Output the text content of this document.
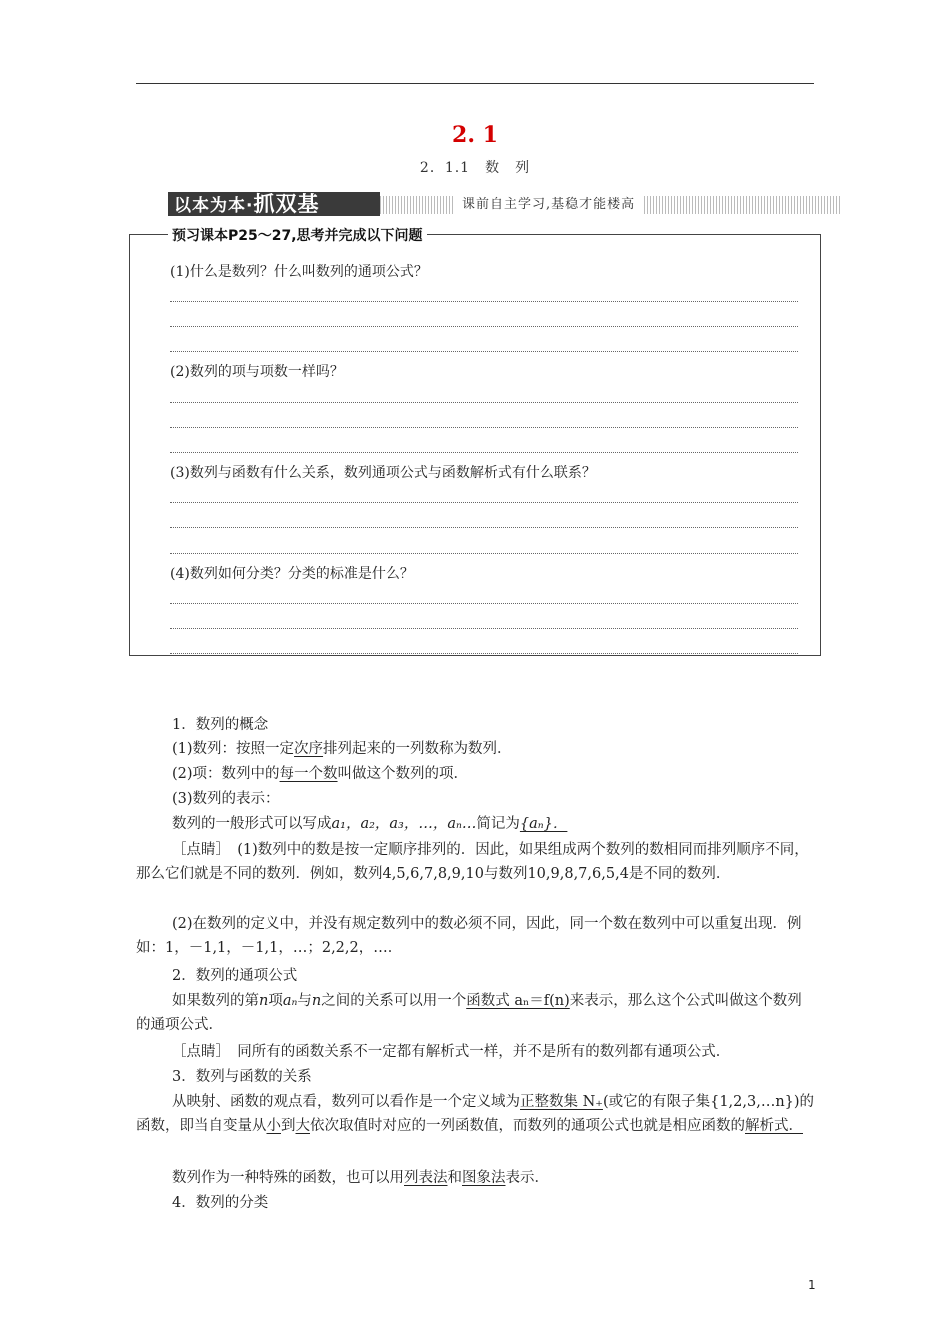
2. 1
2．1.1　数　列
以本为本·抓双基	课前自主学习,基稳才能楼高
预习课本P25～27,思考并完成以下问题
(1)什么是数列？什么叫数列的通项公式？
(2)数列的项与项数一样吗？
(3)数列与函数有什么关系，数列通项公式与函数解析式有什么联系？
(4)数列如何分类？分类的标准是什么？
1．数列的概念
(1)数列：按照一定次序排列起来的一列数称为数列．
(2)项：数列中的每一个数叫做这个数列的项．
(3)数列的表示：
数列的一般形式可以写成a₁，a₂，a₃，…，aₙ…简记为{aₙ}．
［点睛］　(1)数列中的数是按一定顺序排列的．因此，如果组成两个数列的数相同而排列顺序不同，那么它们就是不同的数列．例如，数列4,5,6,7,8,9,10与数列10,9,8,7,6,5,4是不同的数列．
(2)在数列的定义中，并没有规定数列中的数必须不同，因此，同一个数在数列中可以重复出现．例如：1，－1,1，－1,1，…；2,2,2，…．
2．数列的通项公式
如果数列的第n项aₙ与n之间的关系可以用一个函数式 aₙ＝f(n)来表示，那么这个公式叫做这个数列的通项公式．
［点睛］　同所有的函数关系不一定都有解析式一样，并不是所有的数列都有通项公式．
3．数列与函数的关系
从映射、函数的观点看，数列可以看作是一个定义域为正整数集 N₊(或它的有限子集{1,2,3,…n})的函数，即当自变量从小到大依次取值时对应的一列函数值，而数列的通项公式也就是相应函数的解析式．
数列作为一种特殊的函数，也可以用列表法和图象法表示．
4．数列的分类
1
